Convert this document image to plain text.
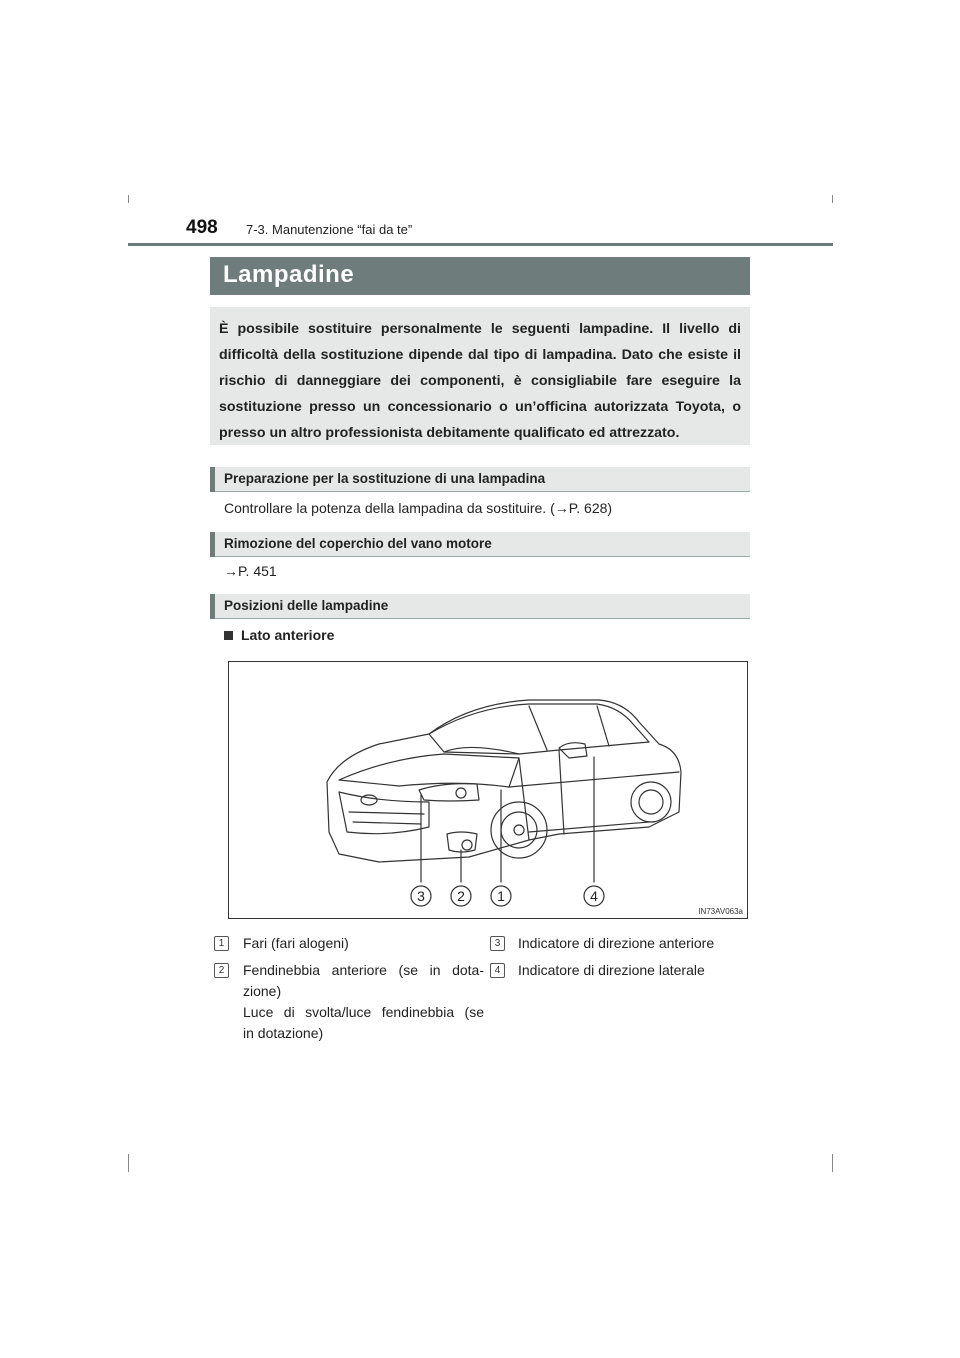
498 7-3. Manutenzione “fai da te”
Lampadine
È possibile sostituire personalmente le seguenti lampadine. Il livello di difficoltà della sostituzione dipende dal tipo di lampadina. Dato che esiste il rischio di danneggiare dei componenti, è consigliabile fare eseguire la sostituzione presso un concessionario o un’officina autorizzata Toyota, o presso un altro professionista debitamente qualificato ed attrezzato.
Preparazione per la sostituzione di una lampadina
Controllare la potenza della lampadina da sostituire. (→P. 628)
Rimozione del coperchio del vano motore
→P. 451
Posizioni delle lampadine
Lato anteriore
3 2 1	4
IN73AV063a
1	Fari (fari alogeni)
2	Fendinebbia anteriore (se in dota-
zione)
Luce di svolta/luce fendinebbia (se
in dotazione)
3	Indicatore di direzione anteriore
4	Indicatore di direzione laterale
